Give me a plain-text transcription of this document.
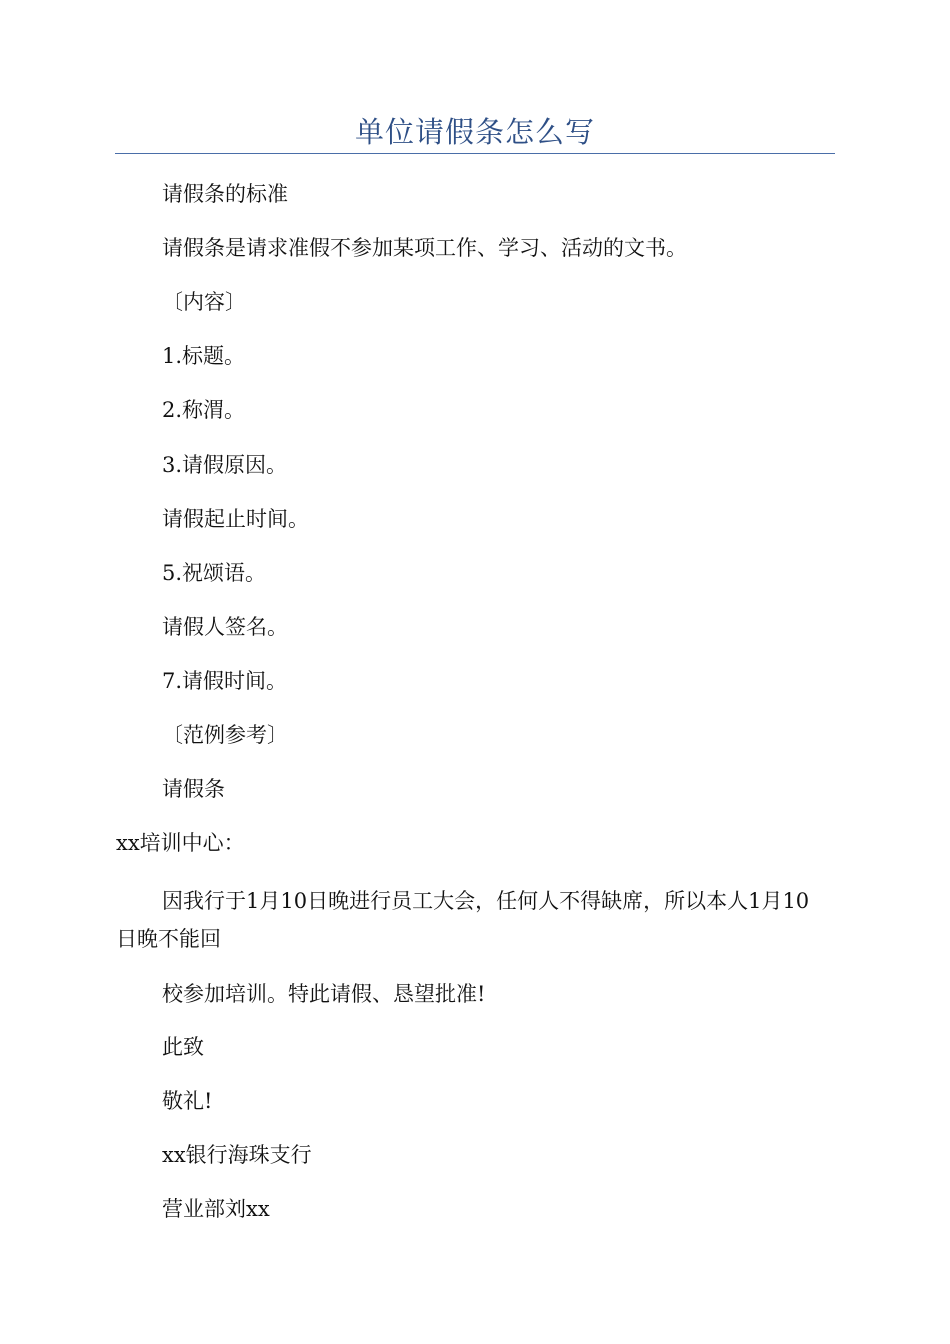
单位请假条怎么写
请假条的标准
请假条是请求准假不参加某项工作、学习、活动的文书。
〔内容〕
1.标题。
2.称渭。
3.请假原因。
请假起止时间。
5.祝颂语。
请假人签名。
7.请假时间。
〔范例参考〕
请假条
xx培训中心：
因我行于1月10日晚进行员工大会，任何人不得缺席，所以本人1月10日晚不能回
校参加培训。特此请假、恳望批准!
此致
敬礼!
xx银行海珠支行
营业部刘xx
